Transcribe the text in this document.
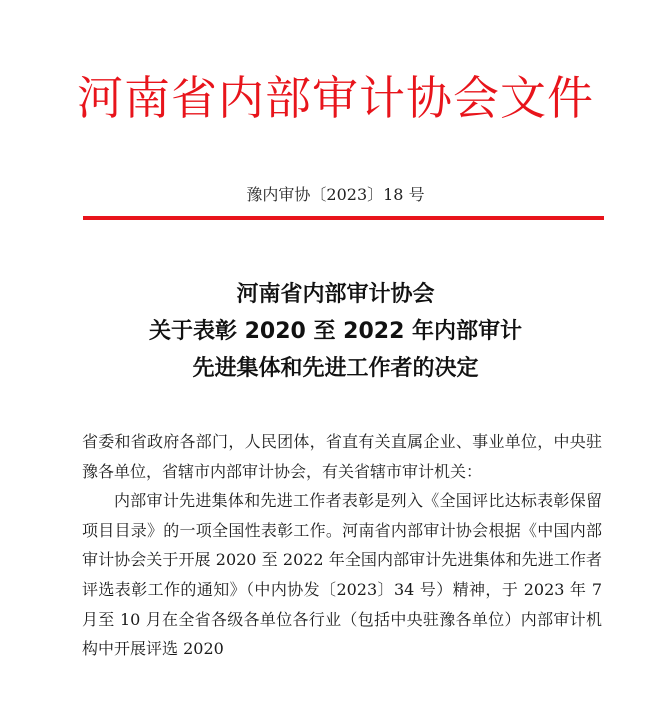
河南省内部审计协会文件
豫内审协〔2023〕18 号
河南省内部审计协会
关于表彰 2020 至 2022 年内部审计
先进集体和先进工作者的决定

省委和省政府各部门，人民团体，省直有关直属企业、事业单位，中央驻豫各单位，省辖市内部审计协会，有关省辖市审计机关：

内部审计先进集体和先进工作者表彰是列入《全国评比达标表彰保留项目目录》的一项全国性表彰工作。河南省内部审计协会根据《中国内部审计协会关于开展 2020 至 2022 年全国内部审计先进集体和先进工作者评选表彰工作的通知》（中内协发〔2023〕34 号）精神，于 2023 年 7 月至 10 月在全省各级各单位各行业（包括中央驻豫各单位）内部审计机构中开展评选 2020
